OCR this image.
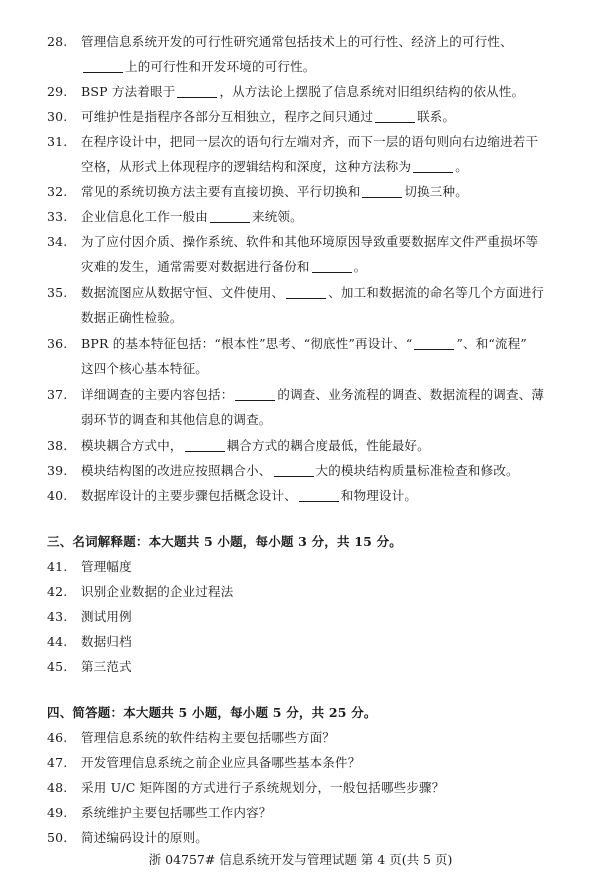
28. 管理信息系统开发的可行性研究通常包括技术上的可行性、经济上的可行性、
上的可行性和开发环境的可行性。
29. BSP 方法着眼于	，从方法论上摆脱了信息系统对旧组织结构的依从性。
30. 可维护性是指程序各部分互相独立，程序之间只通过	联系。
31. 在程序设计中，把同一层次的语句行左端对齐，而下一层的语句则向右边缩进若干
空格，从形式上体现程序的逻辑结构和深度，这种方法称为	。
32. 常见的系统切换方法主要有直接切换、平行切换和	切换三种。
33. 企业信息化工作一般由	来统领。
34. 为了应付因介质、操作系统、软件和其他环境原因导致重要数据库文件严重损坏等
灾难的发生，通常需要对数据进行备份和	。
35. 数据流图应从数据守恒、文件使用、	、加工和数据流的命名等几个方面进行
数据正确性检验。
36. BPR 的基本特征包括：“根本性”思考、“彻底性”再设计、“	”、和“流程”
这四个核心基本特征。
37. 详细调查的主要内容包括：	的调查、业务流程的调查、数据流程的调查、薄
弱环节的调查和其他信息的调查。
38. 模块耦合方式中，	耦合方式的耦合度最低，性能最好。
39. 模块结构图的改进应按照耦合小、	大的模块结构质量标准检查和修改。
40. 数据库设计的主要步骤包括概念设计、	和物理设计。
三、名词解释题：本大题共 5 小题，每小题 3 分，共 15 分。
41. 管理幅度
42. 识别企业数据的企业过程法
43. 测试用例
44. 数据归档
45. 第三范式
四、简答题：本大题共 5 小题，每小题 5 分，共 25 分。
46. 管理信息系统的软件结构主要包括哪些方面？
47. 开发管理信息系统之前企业应具备哪些基本条件？
48. 采用 U/C 矩阵图的方式进行子系统规划分，一般包括哪些步骤？
49. 系统维护主要包括哪些工作内容？
50. 简述编码设计的原则。
浙 04757# 信息系统开发与管理试题 第 4 页(共 5 页)
